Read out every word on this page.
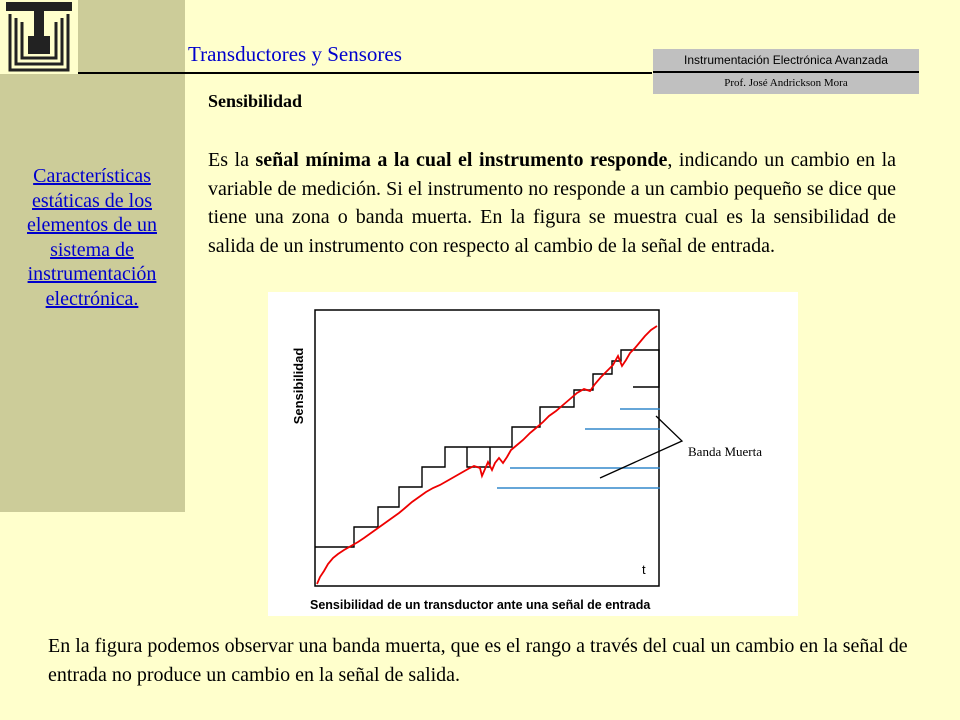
Transductores y Sensores	Instrumentación Electrónica Avanzada
Prof. José Andrickson Mora
Características estáticas de los elementos de un sistema de instrumentación electrónica.
Sensibilidad
Es la señal mínima a la cual el instrumento responde, indicando un cambio en la variable de medición. Si el instrumento no responde a un cambio pequeño se dice que tiene una zona o banda muerta. En la figura se muestra cual es la sensibilidad de salida de un instrumento con respecto al cambio de la señal de entrada.
Sensibilidad
t
Banda Muerta
Sensibilidad de un transductor ante una señal de entrada
En la figura podemos observar una banda muerta, que es el rango a través del cual un cambio en la señal de entrada no produce un cambio en la señal de salida.
